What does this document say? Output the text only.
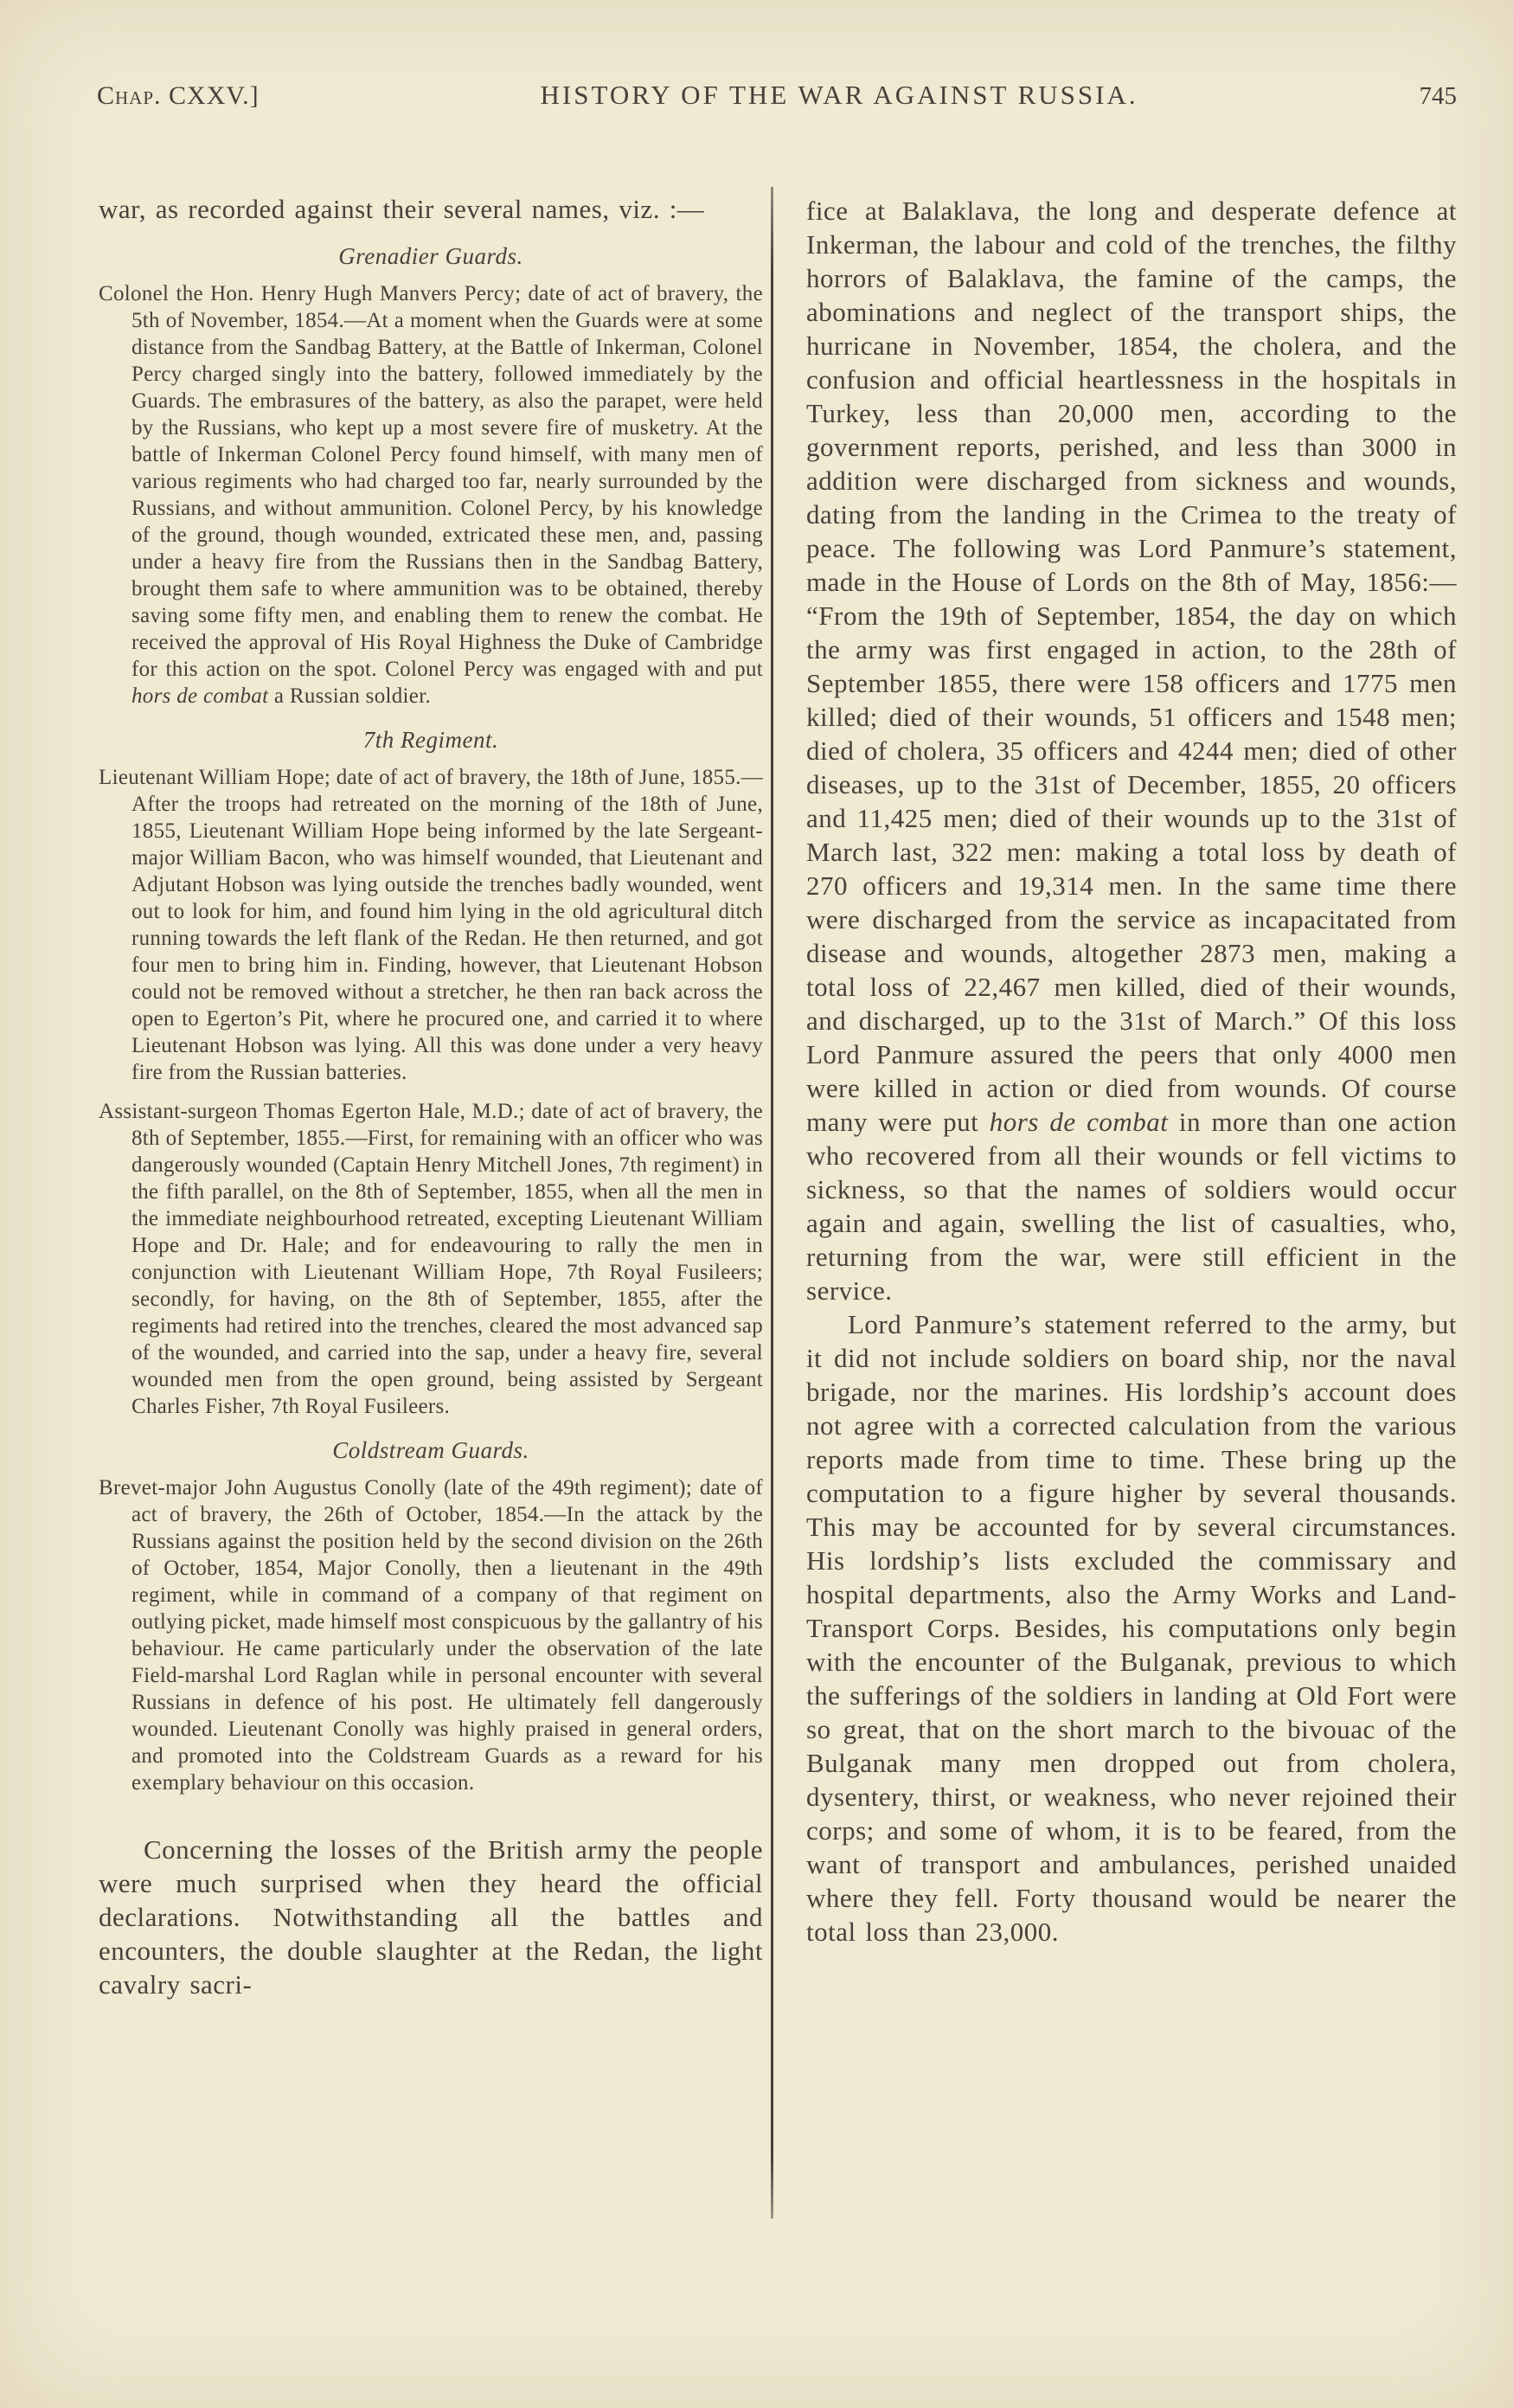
Chap. CXXV.]	HISTORY OF THE WAR AGAINST RUSSIA.	745

war, as recorded against their several names, viz. :—

Grenadier Guards.

Colonel the Hon. Henry Hugh Manvers Percy; date of act of bravery, the 5th of November, 1854.—At a moment when the Guards were at some distance from the Sandbag Battery, at the Battle of Inkerman, Colonel Percy charged singly into the battery, followed immediately by the Guards. The embrasures of the battery, as also the parapet, were held by the Russians, who kept up a most severe fire of musketry. At the battle of Inkerman Colonel Percy found himself, with many men of various regiments who had charged too far, nearly surrounded by the Russians, and without ammunition. Colonel Percy, by his knowledge of the ground, though wounded, extricated these men, and, passing under a heavy fire from the Russians then in the Sandbag Battery, brought them safe to where ammunition was to be obtained, thereby saving some fifty men, and enabling them to renew the combat. He received the approval of His Royal Highness the Duke of Cambridge for this action on the spot. Colonel Percy was engaged with and put hors de combat a Russian soldier.

7th Regiment.

Lieutenant William Hope; date of act of bravery, the 18th of June, 1855.—After the troops had retreated on the morning of the 18th of June, 1855, Lieutenant William Hope being informed by the late Sergeant-major William Bacon, who was himself wounded, that Lieutenant and Adjutant Hobson was lying outside the trenches badly wounded, went out to look for him, and found him lying in the old agricultural ditch running towards the left flank of the Redan. He then returned, and got four men to bring him in. Finding, however, that Lieutenant Hobson could not be removed without a stretcher, he then ran back across the open to Egerton’s Pit, where he procured one, and carried it to where Lieutenant Hobson was lying. All this was done under a very heavy fire from the Russian batteries.

Assistant-surgeon Thomas Egerton Hale, M.D.; date of act of bravery, the 8th of September, 1855.—First, for remaining with an officer who was dangerously wounded (Captain Henry Mitchell Jones, 7th regiment) in the fifth parallel, on the 8th of September, 1855, when all the men in the immediate neighbourhood retreated, excepting Lieutenant William Hope and Dr. Hale; and for endeavouring to rally the men in conjunction with Lieutenant William Hope, 7th Royal Fusileers; secondly, for having, on the 8th of September, 1855, after the regiments had retired into the trenches, cleared the most advanced sap of the wounded, and carried into the sap, under a heavy fire, several wounded men from the open ground, being assisted by Sergeant Charles Fisher, 7th Royal Fusileers.

Coldstream Guards.

Brevet-major John Augustus Conolly (late of the 49th regiment); date of act of bravery, the 26th of October, 1854.—In the attack by the Russians against the position held by the second division on the 26th of October, 1854, Major Conolly, then a lieutenant in the 49th regiment, while in command of a company of that regiment on outlying picket, made himself most conspicuous by the gallantry of his behaviour. He came particularly under the observation of the late Field-marshal Lord Raglan while in personal encounter with several Russians in defence of his post. He ultimately fell dangerously wounded. Lieutenant Conolly was highly praised in general orders, and promoted into the Coldstream Guards as a reward for his exemplary behaviour on this occasion.

Concerning the losses of the British army the people were much surprised when they heard the official declarations. Notwithstanding all the battles and encounters, the double slaughter at the Redan, the light cavalry sacri-

fice at Balaklava, the long and desperate defence at Inkerman, the labour and cold of the trenches, the filthy horrors of Balaklava, the famine of the camps, the abominations and neglect of the transport ships, the hurricane in November, 1854, the cholera, and the confusion and official heartlessness in the hospitals in Turkey, less than 20,000 men, according to the government reports, perished, and less than 3000 in addition were discharged from sickness and wounds, dating from the landing in the Crimea to the treaty of peace. The following was Lord Panmure’s statement, made in the House of Lords on the 8th of May, 1856:— “From the 19th of September, 1854, the day on which the army was first engaged in action, to the 28th of September 1855, there were 158 officers and 1775 men killed; died of their wounds, 51 officers and 1548 men; died of cholera, 35 officers and 4244 men; died of other diseases, up to the 31st of December, 1855, 20 officers and 11,425 men; died of their wounds up to the 31st of March last, 322 men: making a total loss by death of 270 officers and 19,314 men. In the same time there were discharged from the service as incapacitated from disease and wounds, altogether 2873 men, making a total loss of 22,467 men killed, died of their wounds, and discharged, up to the 31st of March.” Of this loss Lord Panmure assured the peers that only 4000 men were killed in action or died from wounds. Of course many were put hors de combat in more than one action who recovered from all their wounds or fell victims to sickness, so that the names of soldiers would occur again and again, swelling the list of casualties, who, returning from the war, were still efficient in the service.

Lord Panmure’s statement referred to the army, but it did not include soldiers on board ship, nor the naval brigade, nor the marines. His lordship’s account does not agree with a corrected calculation from the various reports made from time to time. These bring up the computation to a figure higher by several thousands. This may be accounted for by several circumstances. His lordship’s lists excluded the commissary and hospital departments, also the Army Works and Land-Transport Corps. Besides, his computations only begin with the encounter of the Bulganak, previous to which the sufferings of the soldiers in landing at Old Fort were so great, that on the short march to the bivouac of the Bulganak many men dropped out from cholera, dysentery, thirst, or weakness, who never rejoined their corps; and some of whom, it is to be feared, from the want of transport and ambulances, perished unaided where they fell. Forty thousand would be nearer the total loss than 23,000.
